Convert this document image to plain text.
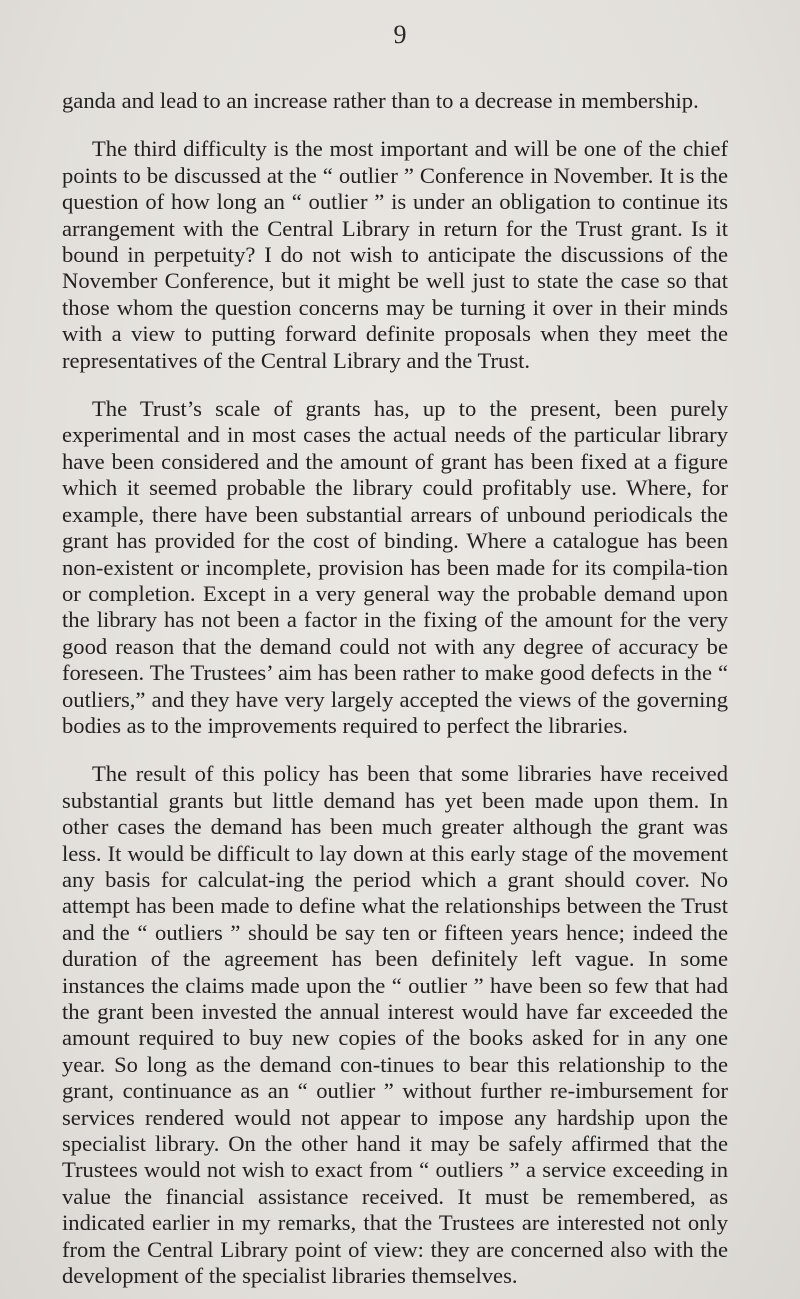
9

ganda and lead to an increase rather than to a decrease in membership.

The third difficulty is the most important and will be one of the chief points to be discussed at the “ outlier ” Conference in November. It is the question of how long an “ outlier ” is under an obligation to continue its arrangement with the Central Library in return for the Trust grant. Is it bound in perpetuity? I do not wish to anticipate the discussions of the November Conference, but it might be well just to state the case so that those whom the question concerns may be turning it over in their minds with a view to putting forward definite proposals when they meet the representatives of the Central Library and the Trust.

The Trust’s scale of grants has, up to the present, been purely experimental and in most cases the actual needs of the particular library have been considered and the amount of grant has been fixed at a figure which it seemed probable the library could profitably use. Where, for example, there have been substantial arrears of unbound periodicals the grant has provided for the cost of binding. Where a catalogue has been non-existent or incomplete, provision has been made for its compila-tion or completion. Except in a very general way the probable demand upon the library has not been a factor in the fixing of the amount for the very good reason that the demand could not with any degree of accuracy be foreseen. The Trustees’ aim has been rather to make good defects in the “ outliers,” and they have very largely accepted the views of the governing bodies as to the improvements required to perfect the libraries.

The result of this policy has been that some libraries have received substantial grants but little demand has yet been made upon them. In other cases the demand has been much greater although the grant was less. It would be difficult to lay down at this early stage of the movement any basis for calculat-ing the period which a grant should cover. No attempt has been made to define what the relationships between the Trust and the “ outliers ” should be say ten or fifteen years hence; indeed the duration of the agreement has been definitely left vague. In some instances the claims made upon the “ outlier ” have been so few that had the grant been invested the annual interest would have far exceeded the amount required to buy new copies of the books asked for in any one year. So long as the demand con-tinues to bear this relationship to the grant, continuance as an “ outlier ” without further re-imbursement for services rendered would not appear to impose any hardship upon the specialist library. On the other hand it may be safely affirmed that the Trustees would not wish to exact from “ outliers ” a service exceeding in value the financial assistance received. It must be remembered, as indicated earlier in my remarks, that the Trustees are interested not only from the Central Library point of view: they are concerned also with the development of the specialist libraries themselves.
